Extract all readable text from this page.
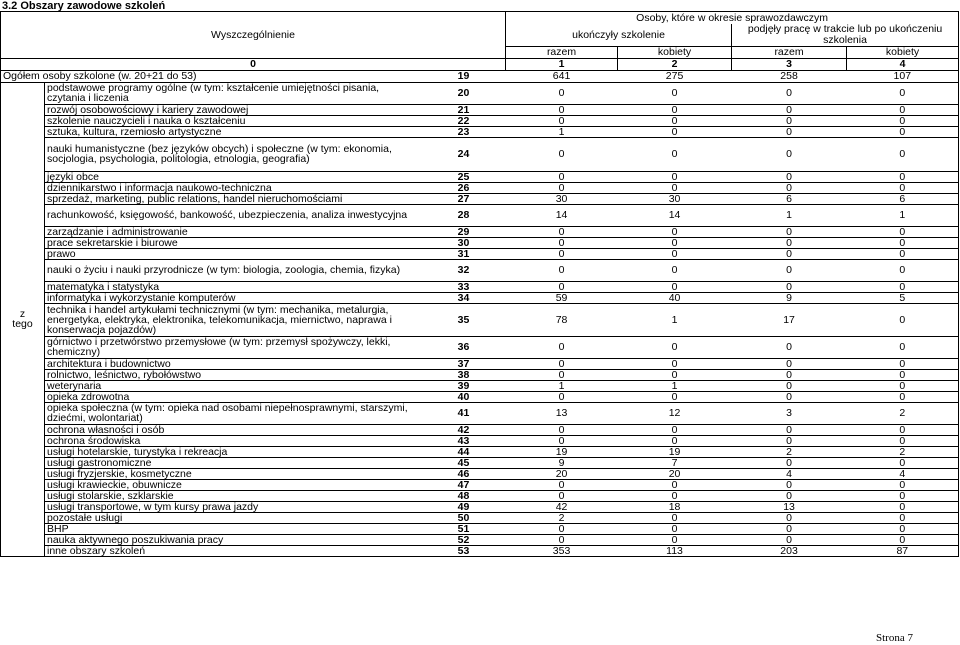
3.2 Obszary zawodowe szkoleń
Wyszczególnienie			Osoby, które w okresie sprawozdawczym			
			ukończyły szkolenie		podjęły pracę w trakcie lub po ukończeniu szkolenia	
			razem	kobiety	razem	kobiety
0			1	2	3	4
Ogółem osoby szkolone (w. 20+21 do 53)		19	641	275	258	107
z
tego	podstawowe programy ogólne (w tym: kształcenie umiejętności pisania, czytania i liczenia	20	0	0	0	0
	rozwój osobowościowy i kariery zawodowej	21	0	0	0	0
	szkolenie nauczycieli i nauka o kształceniu	22	0	0	0	0
	sztuka, kultura, rzemiosło artystyczne	23	1	0	0	0
	nauki humanistyczne (bez języków obcych) i społeczne (w tym: ekonomia, socjologia, psychologia, politologia, etnologia, geografia)	24	0	0	0	0
	języki obce	25	0	0	0	0
	dziennikarstwo i informacja naukowo-techniczna	26	0	0	0	0
	sprzedaż, marketing, public relations, handel nieruchomościami	27	30	30	6	6
	rachunkowość, księgowość, bankowość, ubezpieczenia, analiza inwestycyjna	28	14	14	1	1
	zarządzanie i administrowanie	29	0	0	0	0
	prace sekretarskie i biurowe	30	0	0	0	0
	prawo	31	0	0	0	0
	nauki o życiu i nauki przyrodnicze (w tym: biologia, zoologia, chemia, fizyka)	32	0	0	0	0
	matematyka i statystyka	33	0	0	0	0
	informatyka i wykorzystanie komputerów	34	59	40	9	5
	technika i handel artykułami technicznymi (w tym: mechanika, metalurgia, energetyka, elektryka, elektronika, telekomunikacja, miernictwo, naprawa i konserwacja pojazdów)	35	78	1	17	0
	górnictwo i przetwórstwo przemysłowe (w tym: przemysł spożywczy, lekki, chemiczny)	36	0	0	0	0
	architektura i budownictwo	37	0	0	0	0
	rolnictwo, leśnictwo, rybołówstwo	38	0	0	0	0
	weterynaria	39	1	1	0	0
	opieka zdrowotna	40	0	0	0	0
	opieka społeczna (w tym: opieka nad osobami niepełnosprawnymi, starszymi, dziećmi, wolontariat)	41	13	12	3	2
	ochrona własności i osób	42	0	0	0	0
	ochrona środowiska	43	0	0	0	0
	usługi hotelarskie, turystyka i rekreacja	44	19	19	2	2
	usługi gastronomiczne	45	9	7	0	0
	usługi fryzjerskie, kosmetyczne	46	20	20	4	4
	usługi krawieckie, obuwnicze	47	0	0	0	0
	usługi stolarskie, szklarskie	48	0	0	0	0
	usługi transportowe, w tym kursy prawa jazdy	49	42	18	13	0
	pozostałe usługi	50	2	0	0	0
	BHP	51	0	0	0	0
	nauka aktywnego poszukiwania pracy	52	0	0	0	0
	inne obszary szkoleń	53	353	113	203	87
Strona 7
